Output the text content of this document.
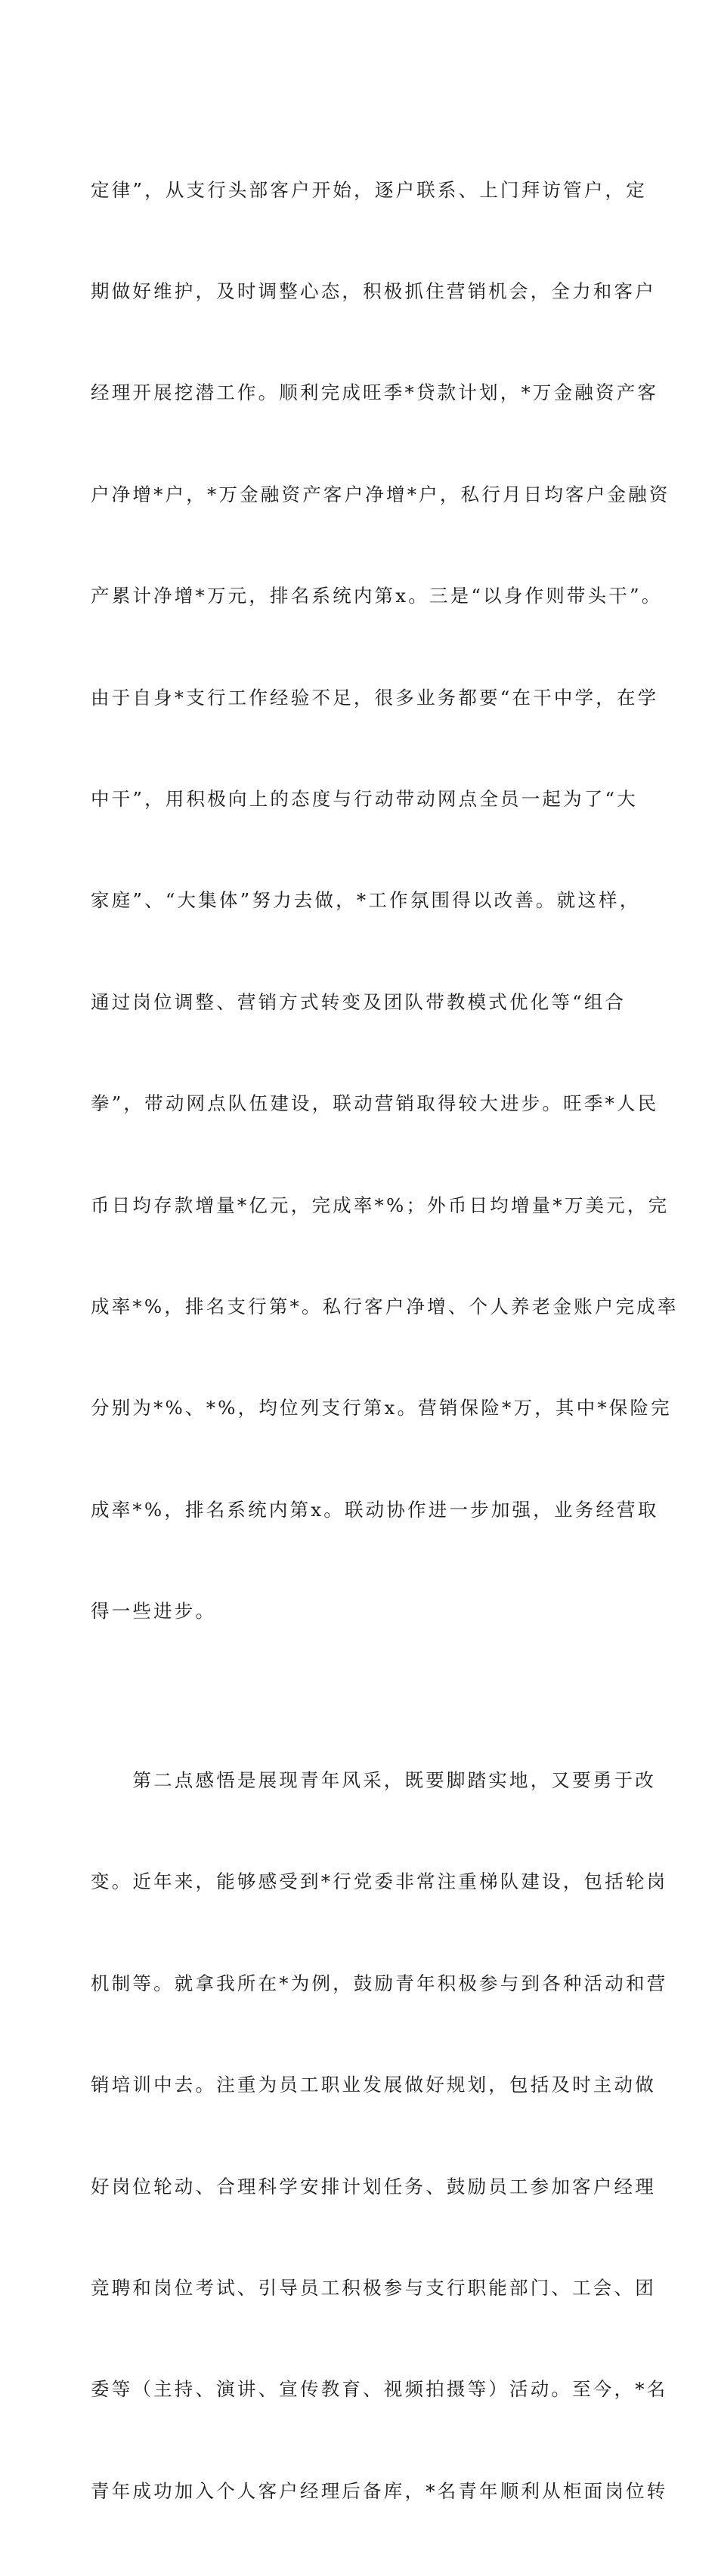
定律”，从支行头部客户开始，逐户联系、上门拜访管户，定

期做好维护，及时调整心态，积极抓住营销机会，全力和客户

经理开展挖潜工作。顺利完成旺季*贷款计划，*万金融资产客

户净增*户，*万金融资产客户净增*户，私行月日均客户金融资

产累计净增*万元，排名系统内第x。三是“以身作则带头干”。

由于自身*支行工作经验不足，很多业务都要“在干中学，在学

中干”，用积极向上的态度与行动带动网点全员一起为了“大

家庭”、“大集体”努力去做，*工作氛围得以改善。就这样，

通过岗位调整、营销方式转变及团队带教模式优化等“组合

拳”，带动网点队伍建设，联动营销取得较大进步。旺季*人民

币日均存款增量*亿元，完成率*%；外币日均增量*万美元，完

成率*%，排名支行第*。私行客户净增、个人养老金账户完成率

分别为*%、*%，均位列支行第x。营销保险*万，其中*保险完

成率*%，排名系统内第x。联动协作进一步加强，业务经营取

得一些进步。

　　第二点感悟是展现青年风采，既要脚踏实地，又要勇于改

变。近年来，能够感受到*行党委非常注重梯队建设，包括轮岗

机制等。就拿我所在*为例，鼓励青年积极参与到各种活动和营

销培训中去。注重为员工职业发展做好规划，包括及时主动做

好岗位轮动、合理科学安排计划任务、鼓励员工参加客户经理

竞聘和岗位考试、引导员工积极参与支行职能部门、工会、团

委等（主持、演讲、宣传教育、视频拍摄等）活动。至今，*名

青年成功加入个人客户经理后备库，*名青年顺利从柜面岗位转
